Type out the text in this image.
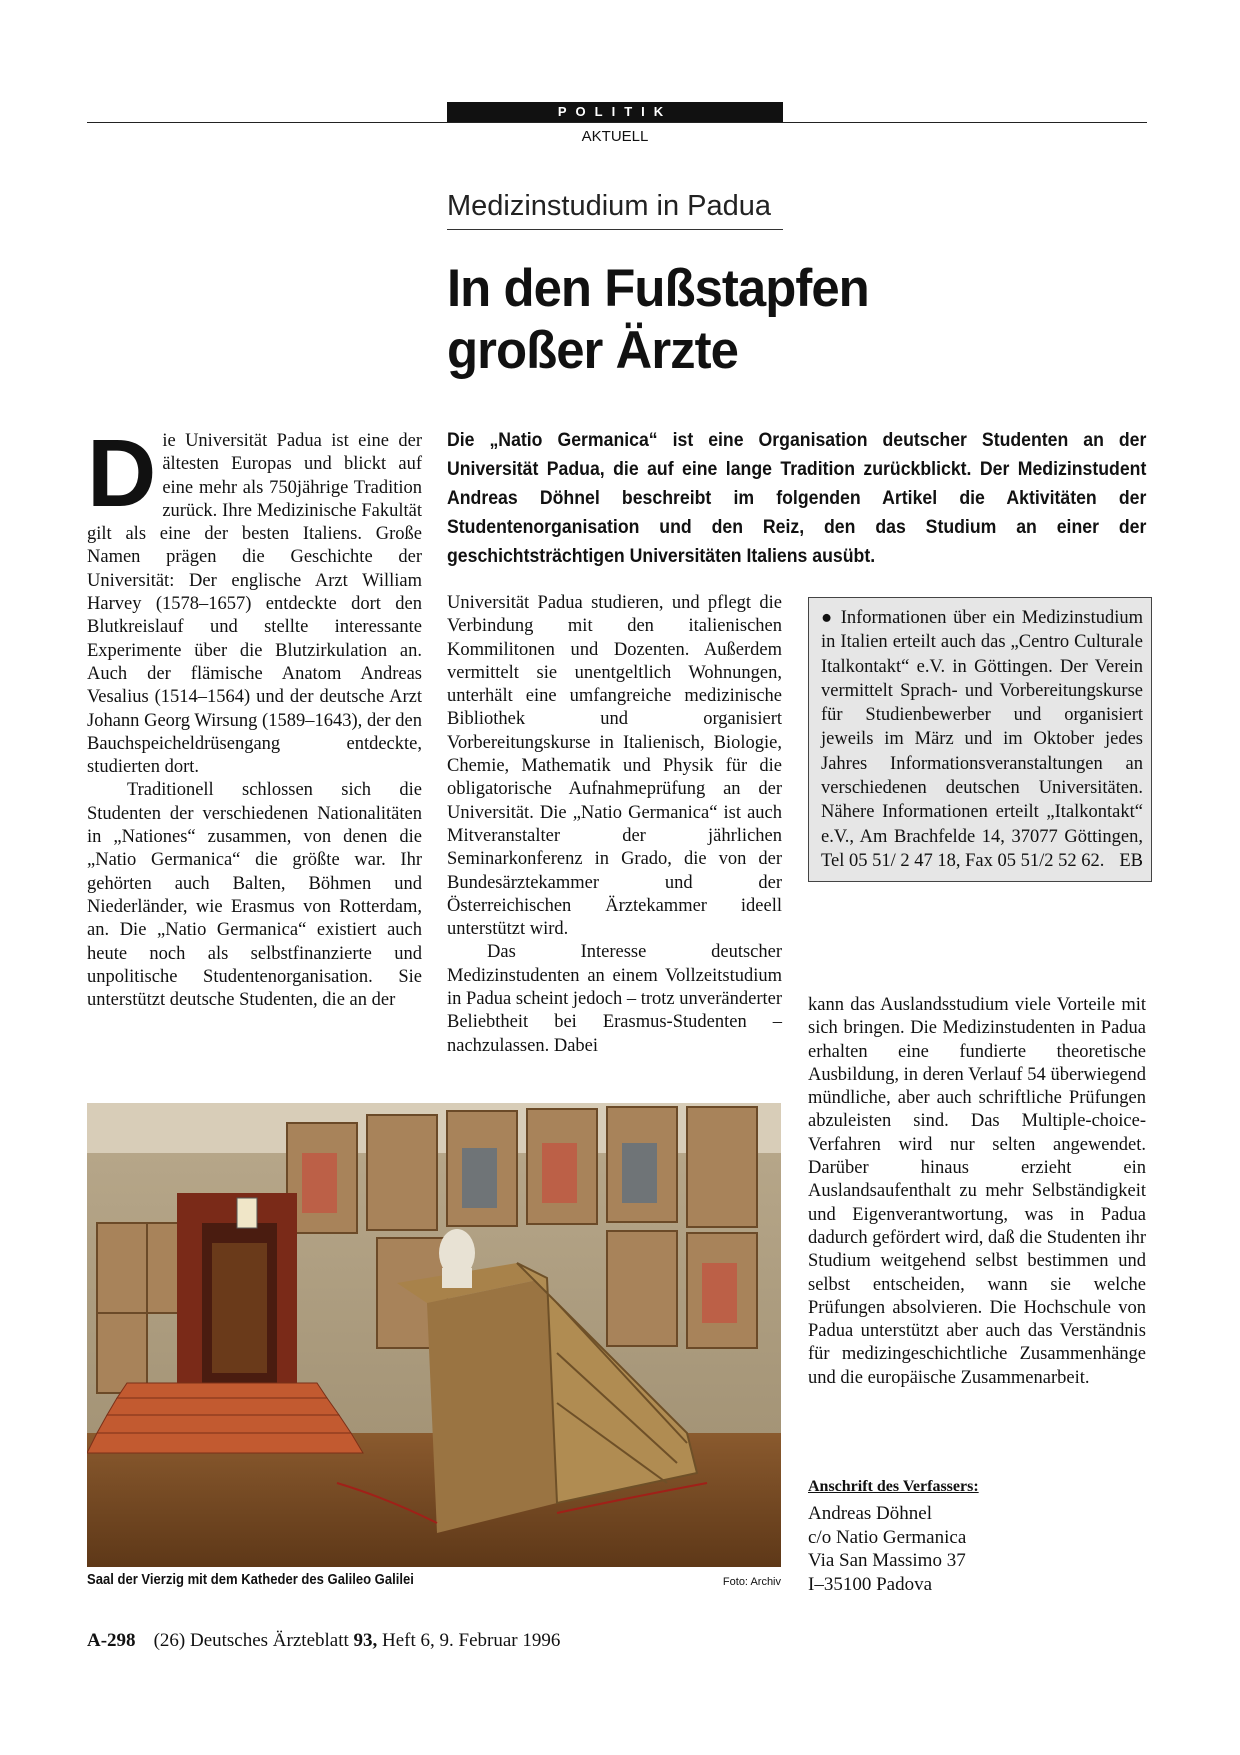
POLITIK
AKTUELL
Medizinstudium in Padua
In den Fußstapfen
großer Ärzte
Die „Natio Germanica“ ist eine Organisation deutscher Studenten an der Universität Padua, die auf eine lange Tradition zurückblickt. Der Medizinstudent Andreas Döhnel beschreibt im folgenden Artikel die Aktivitäten der Studentenorganisation und den Reiz, den das Studium an einer der geschichtsträchtigen Universitäten Italiens ausübt.

Die Universität Padua ist eine der ältesten Europas und blickt auf eine mehr als 750jährige Tradition zurück. Ihre Medizinische Fakultät gilt als eine der besten Italiens. Große Namen prägen die Geschichte der Universität: Der englische Arzt William Harvey (1578–1657) entdeckte dort den Blutkreislauf und stellte interessante Experimente über die Blutzirkulation an. Auch der flämische Anatom Andreas Vesalius (1514–1564) und der deutsche Arzt Johann Georg Wirsung (1589–1643), der den Bauchspeicheldrüsengang entdeckte, studierten dort.

Traditionell schlossen sich die Studenten der verschiedenen Nationalitäten in „Nationes“ zusammen, von denen die „Natio Germanica“ die größte war. Ihr gehörten auch Balten, Böhmen und Niederländer, wie Erasmus von Rotterdam, an. Die „Natio Germanica“ existiert auch heute noch als selbstfinanzierte und unpolitische Studentenorganisation. Sie unterstützt deutsche Studenten, die an der

Universität Padua studieren, und pflegt die Verbindung mit den italienischen Kommilitonen und Dozenten. Außerdem vermittelt sie unentgeltlich Wohnungen, unterhält eine umfangreiche medizinische Bibliothek und organisiert Vorbereitungskurse in Italienisch, Biologie, Chemie, Mathematik und Physik für die obligatorische Aufnahmeprüfung an der Universität. Die „Natio Germanica“ ist auch Mitveranstalter der jährlichen Seminarkonferenz in Grado, die von der Bundesärztekammer und der Österreichischen Ärztekammer ideell unterstützt wird.

Das Interesse deutscher Medizinstudenten an einem Vollzeitstudium in Padua scheint jedoch – trotz unveränderter Beliebtheit bei Erasmus-Studenten – nachzulassen. Dabei

● Informationen über ein Medizinstudium in Italien erteilt auch das „Centro Culturale Italkontakt“ e.V. in Göttingen. Der Verein vermittelt Sprach- und Vorbereitungskurse für Studienbewerber und organisiert jeweils im März und im Oktober jedes Jahres Informationsveranstaltungen an verschiedenen deutschen Universitäten. Nähere Informationen erteilt „Italkontakt“ e.V., Am Brachfelde 14, 37077 Göttingen, Tel 05 51/ 2 47 18, Fax 05 51/2 52 62. EB

kann das Auslandsstudium viele Vorteile mit sich bringen. Die Medizinstudenten in Padua erhalten eine fundierte theoretische Ausbildung, in deren Verlauf 54 überwiegend mündliche, aber auch schriftliche Prüfungen abzuleisten sind. Das Multiple-choice-Verfahren wird nur selten angewendet. Darüber hinaus erzieht ein Auslandsaufenthalt zu mehr Selbständigkeit und Eigenverantwortung, was in Padua dadurch gefördert wird, daß die Studenten ihr Studium weitgehend selbst bestimmen und selbst entscheiden, wann sie welche Prüfungen absolvieren. Die Hochschule von Padua unterstützt aber auch das Verständnis für medizingeschichtliche Zusammenhänge und die europäische Zusammenarbeit.

Saal der Vierzig mit dem Katheder des Galileo Galilei	Foto: Archiv
Anschrift des Verfassers:
Andreas Döhnel
c/o Natio Germanica
Via San Massimo 37
I–35100 Padova
A-298 (26) Deutsches Ärzteblatt 93, Heft 6, 9. Februar 1996
